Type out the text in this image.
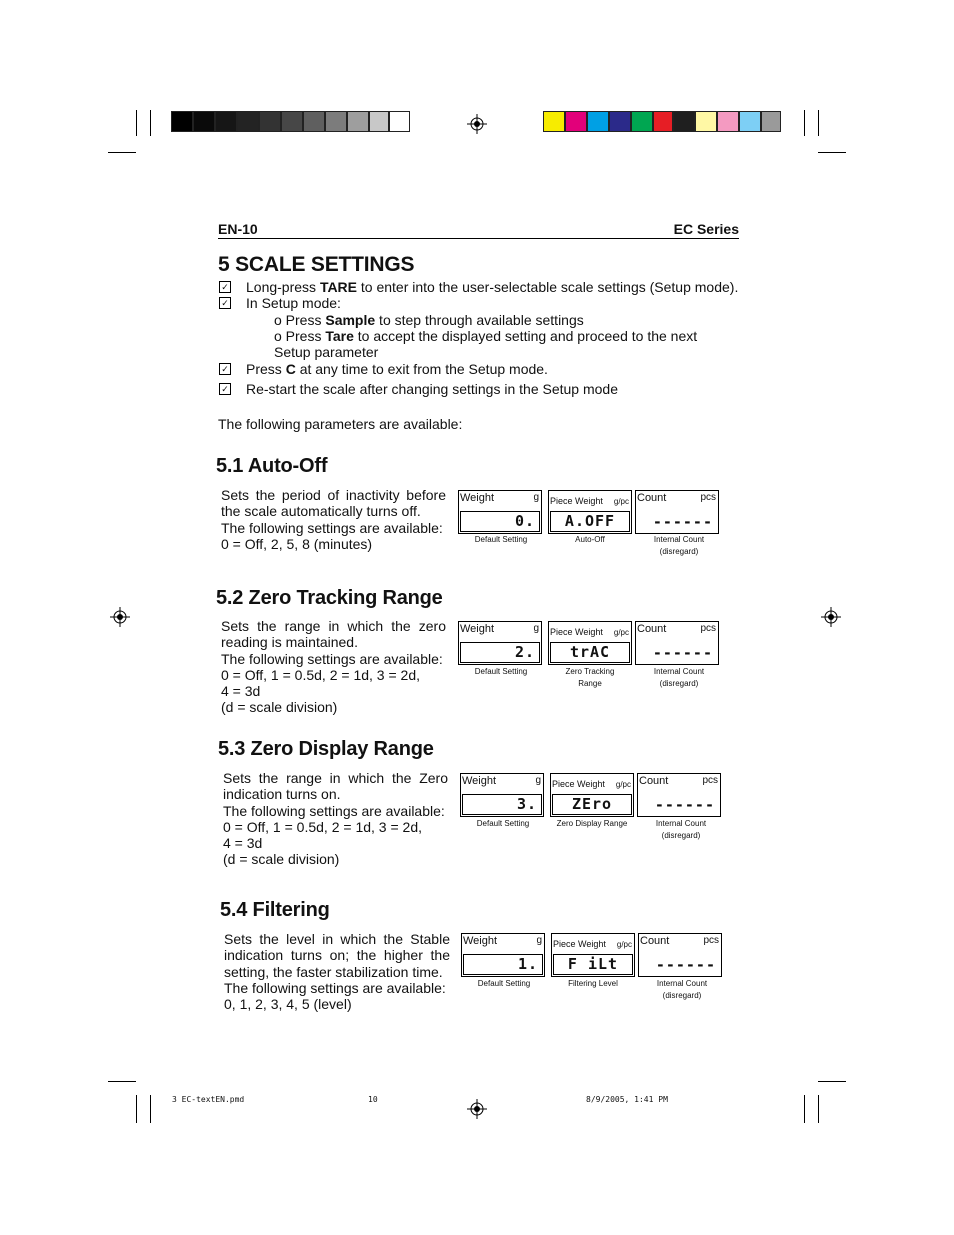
EN-10	EC Series
5 SCALE SETTINGS
✓ Long-press TARE to enter into the user-selectable scale settings (Setup mode).
✓ In Setup mode:
o Press Sample to step through available settings
o Press Tare to accept the displayed setting and proceed to the next Setup parameter
✓ Press C at any time to exit from the Setup mode.
✓ Re-start the scale after changing settings in the Setup mode
The following parameters are available:
5.1 Auto-Off
Sets the period of inactivity before the scale automatically turns off.
The following settings are available:
0 = Off, 2, 5, 8 (minutes)
Weight	g
0.
Piece Weight g/pc
A.OFF
Count	pcs
------
Default Setting	Auto-Off	Internal Count
(disregard)
5.2 Zero Tracking Range
Sets the range in which the zero reading is maintained.
The following settings are available:
0 = Off, 1 = 0.5d, 2 = 1d, 3 = 2d,
4 = 3d
(d = scale division)
Weight	g
2.
Piece Weight g/pc
trAC
Count	pcs
------
Default Setting	Zero Tracking
Range
Internal Count
(disregard)
5.3 Zero Display Range
Sets the range in which the Zero indication turns on.
The following settings are available:
0 = Off, 1 = 0.5d, 2 = 1d, 3 = 2d,
4 = 3d
(d = scale division)
Weight	g
3.
Piece Weight g/pc
ZEro
Count	pcs
------
Default Setting	Zero Display Range	Internal Count
(disregard)
5.4 Filtering
Sets the level in which the Stable indication turns on; the higher the setting, the faster stabilization time.
The following settings are available:
0, 1, 2, 3, 4, 5 (level)
Weight	g
1.
Piece Weight g/pc
F iLt
Count	pcs
------
Default Setting	Filtering Level	Internal Count
(disregard)
3 EC-textEN.pmd	10	8/9/2005, 1:41 PM
